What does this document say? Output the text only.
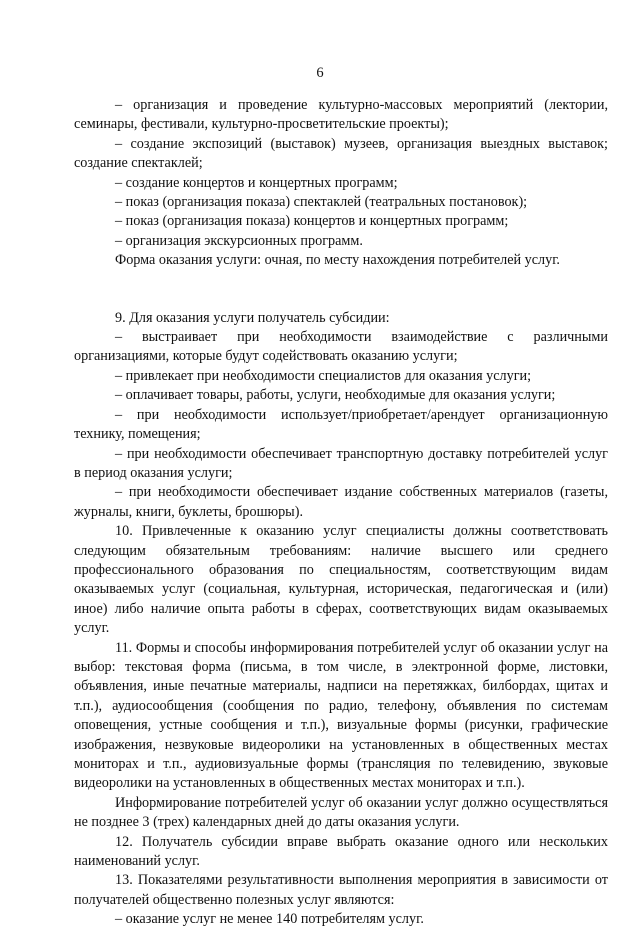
6

– организация и проведение культурно-массовых мероприятий (лектории, семинары, фестивали, культурно-просветительские проекты);

– создание экспозиций (выставок) музеев, организация выездных выставок; создание спектаклей;

– создание концертов и концертных программ;

– показ (организация показа) спектаклей (театральных постановок);

– показ (организация показа) концертов и концертных программ;

– организация экскурсионных программ.

Форма оказания услуги: очная, по месту нахождения потребителей услуг.

9. Для оказания услуги получатель субсидии:

– выстраивает при необходимости взаимодействие с различными организациями, которые будут содействовать оказанию услуги;

– привлекает при необходимости специалистов для оказания услуги;

– оплачивает товары, работы, услуги, необходимые для оказания услуги;

– при необходимости использует/приобретает/арендует организационную технику, помещения;

– при необходимости обеспечивает транспортную доставку потребителей услуг в период оказания услуги;

– при необходимости обеспечивает издание собственных материалов (газеты, журналы, книги, буклеты, брошюры).

10. Привлеченные к оказанию услуг специалисты должны соответствовать следующим обязательным требованиям: наличие высшего или среднего профессионального образования по специальностям, соответствующим видам оказываемых услуг (социальная, культурная, историческая, педагогическая и (или) иное) либо наличие опыта работы в сферах, соответствующих видам оказываемых услуг.

11. Формы и способы информирования потребителей услуг об оказании услуг на выбор: текстовая форма (письма, в том числе, в электронной форме, листовки, объявления, иные печатные материалы, надписи на перетяжках, билбордах, щитах и т.п.), аудиосообщения (сообщения по радио, телефону, объявления по системам оповещения, устные сообщения и т.п.), визуальные формы (рисунки, графические изображения, незвуковые видеоролики на установленных в общественных местах мониторах и т.п., аудиовизуальные формы (трансляция по телевидению, звуковые видеоролики на установленных в общественных местах мониторах и т.п.).

Информирование потребителей услуг об оказании услуг должно осуществляться не позднее 3 (трех) календарных дней до даты оказания услуги.

12. Получатель субсидии вправе выбрать оказание одного или нескольких наименований услуг.

13. Показателями результативности выполнения мероприятия в зависимости от получателей общественно полезных услуг являются:

– оказание услуг не менее 140 потребителям услуг.
